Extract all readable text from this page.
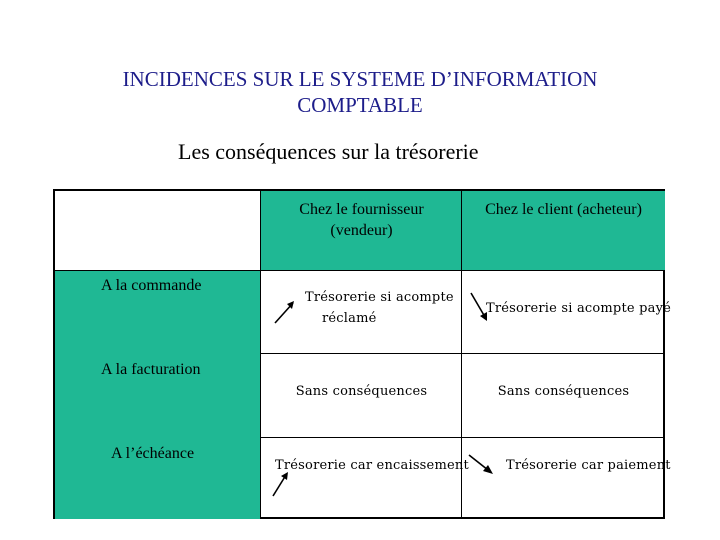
INCIDENCES SUR LE SYSTEME D’INFORMATION
COMPTABLE
Les conséquences sur la trésorerie
Chez le fournisseur
(vendeur)
Chez le client (acheteur)
A la commande
A la facturation
A l’échéance
Trésorerie si acompte
réclamé
Trésorerie si acompte payé
Sans conséquences	Sans conséquences
Trésorerie car encaissement	Trésorerie car paiement
